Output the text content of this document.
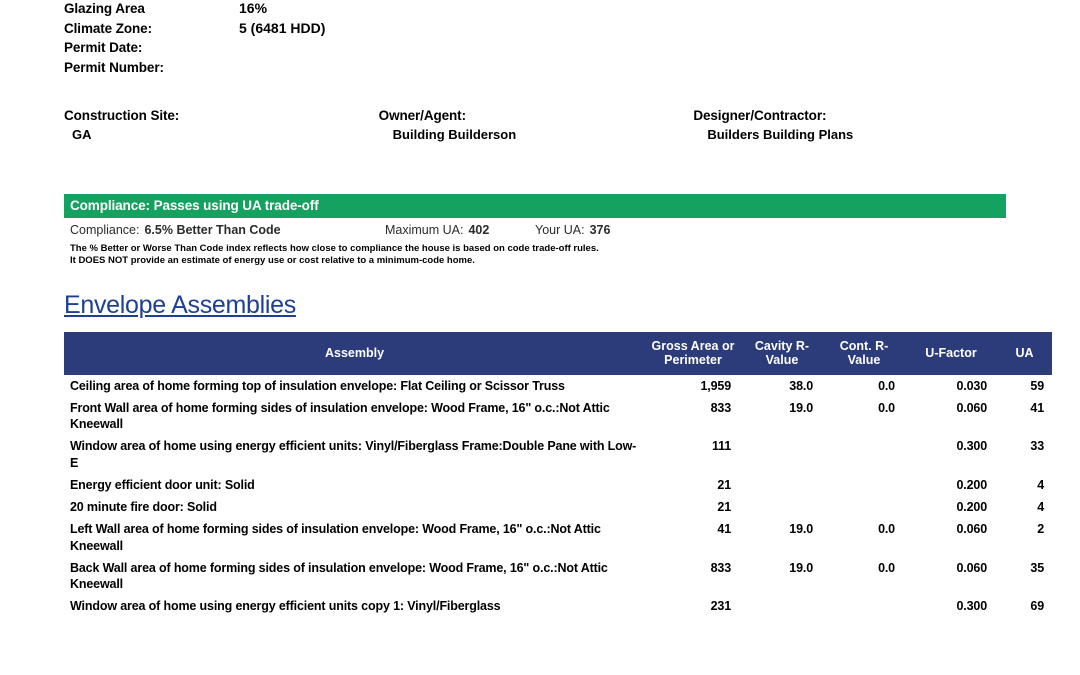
Glazing Area	16%
Climate Zone:	5 (6481 HDD)
Permit Date:
Permit Number:
Construction Site:
GA
Owner/Agent:
Building Builderson
Designer/Contractor:
Builders Building Plans
Compliance: Passes using UA trade-off
Compliance: 6.5% Better Than Code	Maximum UA: 402	Your UA: 376
The % Better or Worse Than Code index reflects how close to compliance the house is based on code trade-off rules.
It DOES NOT provide an estimate of energy use or cost relative to a minimum-code home.
Envelope Assemblies
Assembly	Gross Area or Perimeter	Cavity R-Value	Cont. R-Value	U-Factor	UA
Ceiling area of home forming top of insulation envelope: Flat Ceiling or Scissor Truss	1,959	38.0	0.0	0.030	59
Front Wall area of home forming sides of insulation envelope: Wood Frame, 16" o.c.:Not Attic Kneewall	833	19.0	0.0	0.060	41
Window area of home using energy efficient units: Vinyl/Fiberglass Frame:Double Pane with Low-E	111			0.300	33
Energy efficient door unit: Solid	21			0.200	4
20 minute fire door: Solid	21			0.200	4
Left Wall area of home forming sides of insulation envelope: Wood Frame, 16" o.c.:Not Attic Kneewall	41	19.0	0.0	0.060	2
Back Wall area of home forming sides of insulation envelope: Wood Frame, 16" o.c.:Not Attic Kneewall	833	19.0	0.0	0.060	35
Window area of home using energy efficient units copy 1: Vinyl/Fiberglass	231			0.300	69
